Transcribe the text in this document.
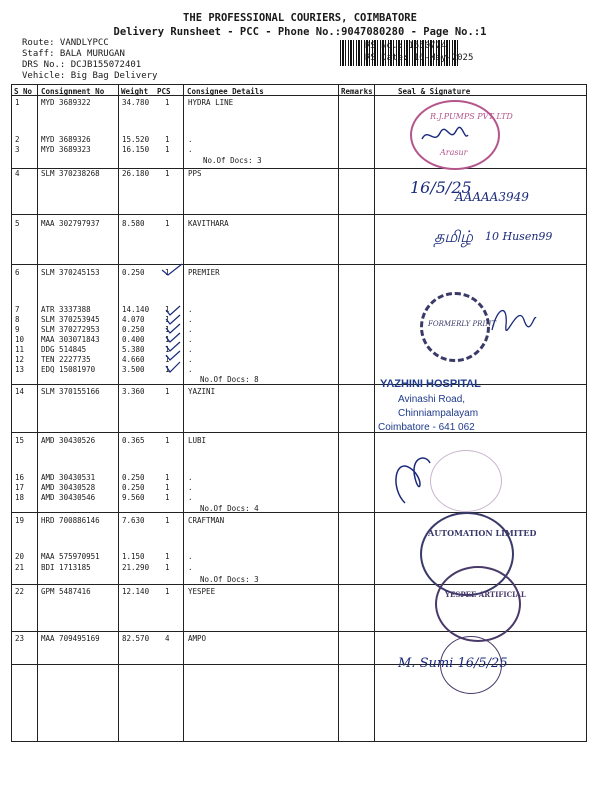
THE PROFESSIONAL COURIERS, COIMBATORE
Delivery Runsheet - PCC - Phone No.:9047080280 - Page No.:1
Route: VANDLYPCC
Staff: BALA MURUGAN
DRS No.: DCJB155072401
Vehicle: Big Bag Delivery
RS No.: 1550724
RS Date: 16-May-2025
S No Consignment No Weight PCS Consignee Details	Remarks	Seal & Signature
1	MYD 3689322	34.780 1 HYDRA LINE
2	MYD 3689326	15.520 1 .
3	MYD 3689323	16.150 1 .
4	SLM 370238268	26.180 1 PPS
5	MAA 302797937	8.580	1 KAVITHARA
6	SLM 370245153	0.250	1 PREMIER
7	ATR 3337388	14.140 1 .
8	SLM 370253945	4.070	1 .
9	SLM 370272953	0.250	1 .
10 MAA 303071843	0.400	1 .
11 DDG 514845	5.380	1 .
12 TEN 2227735	4.660	1 .
13 EDQ 15081970	3.500	1 .
14 SLM 370155166	3.360	1 YAZINI
15 AMD 30430526	0.365	1 LUBI
16 AMD 30430531	0.250	1 .
17 AMD 30430528	0.250	1 .
18 AMD 30430546	9.560	1 .
19 HRD 700886146	7.630	1 CRAFTMAN
20 MAA 575970951	1.150	1 .
21 BDI 1713185	21.290 1 .
22 GPM 5487416	12.140 1 YESPEE
23 MAA 709495169	82.570 4 AMPO
No.Of Docs: 3
No.Of Docs: 8
No.Of Docs: 4
No.Of Docs: 3
R.J.PUMPS PVT LTD
Arasur
16/5/25
AAAAA3949
தமிழ் 10 Husen99
FORMERLY PRINT
YAZHINI HOSPITAL
Avinashi Road,
Chinniampalayam
Coimbatore - 641 062
AUTOMATION LIMITED
YESPEE ARTIFICIAL
M. Sumi 16/5/25
